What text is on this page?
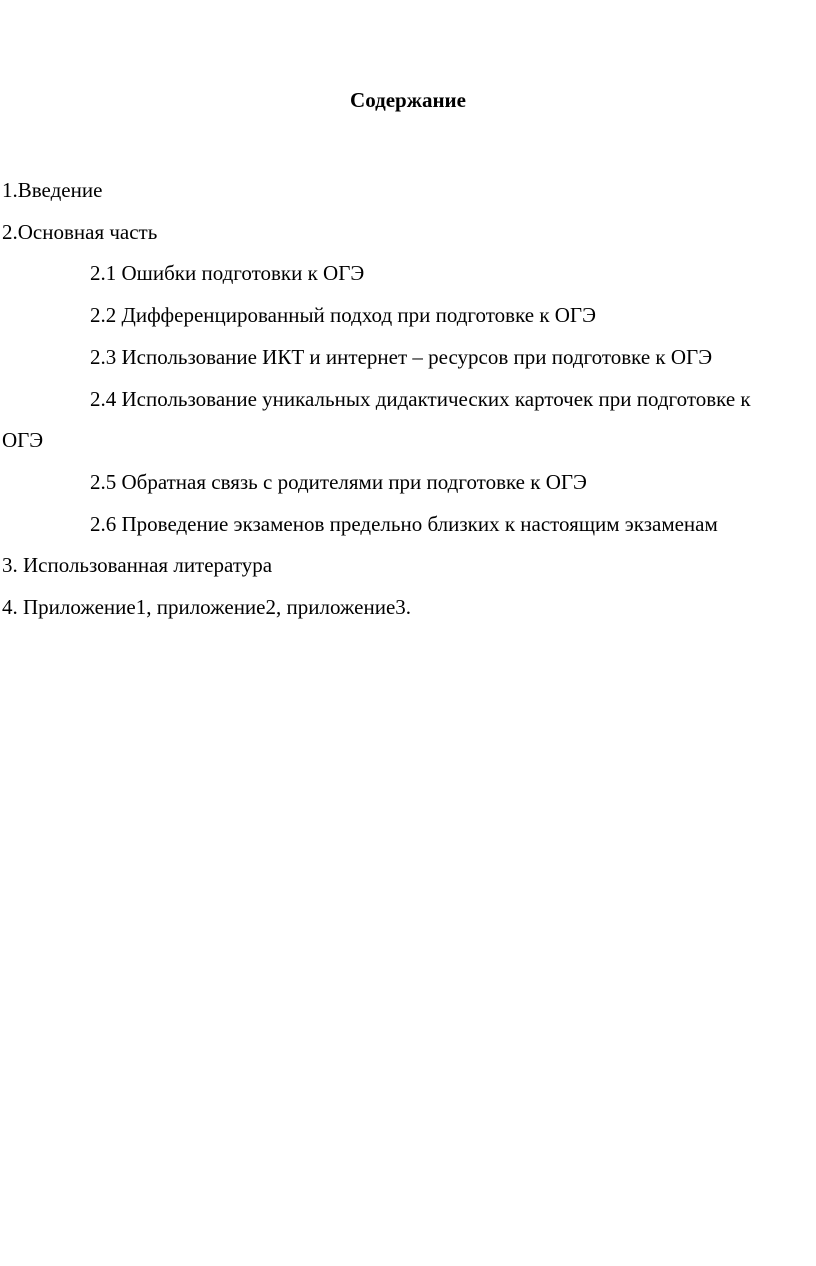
Содержание
1.Введение
2.Основная часть
2.1 Ошибки подготовки к ОГЭ
2.2 Дифференцированный подход при подготовке к ОГЭ
2.3 Использование ИКТ и интернет – ресурсов при подготовке к ОГЭ
2.4 Использование уникальных дидактических карточек при подготовке к ОГЭ
2.5 Обратная связь с родителями при подготовке к ОГЭ
2.6 Проведение экзаменов предельно близких к настоящим экзаменам
3. Использованная литература
4. Приложение1, приложение2, приложение3.
